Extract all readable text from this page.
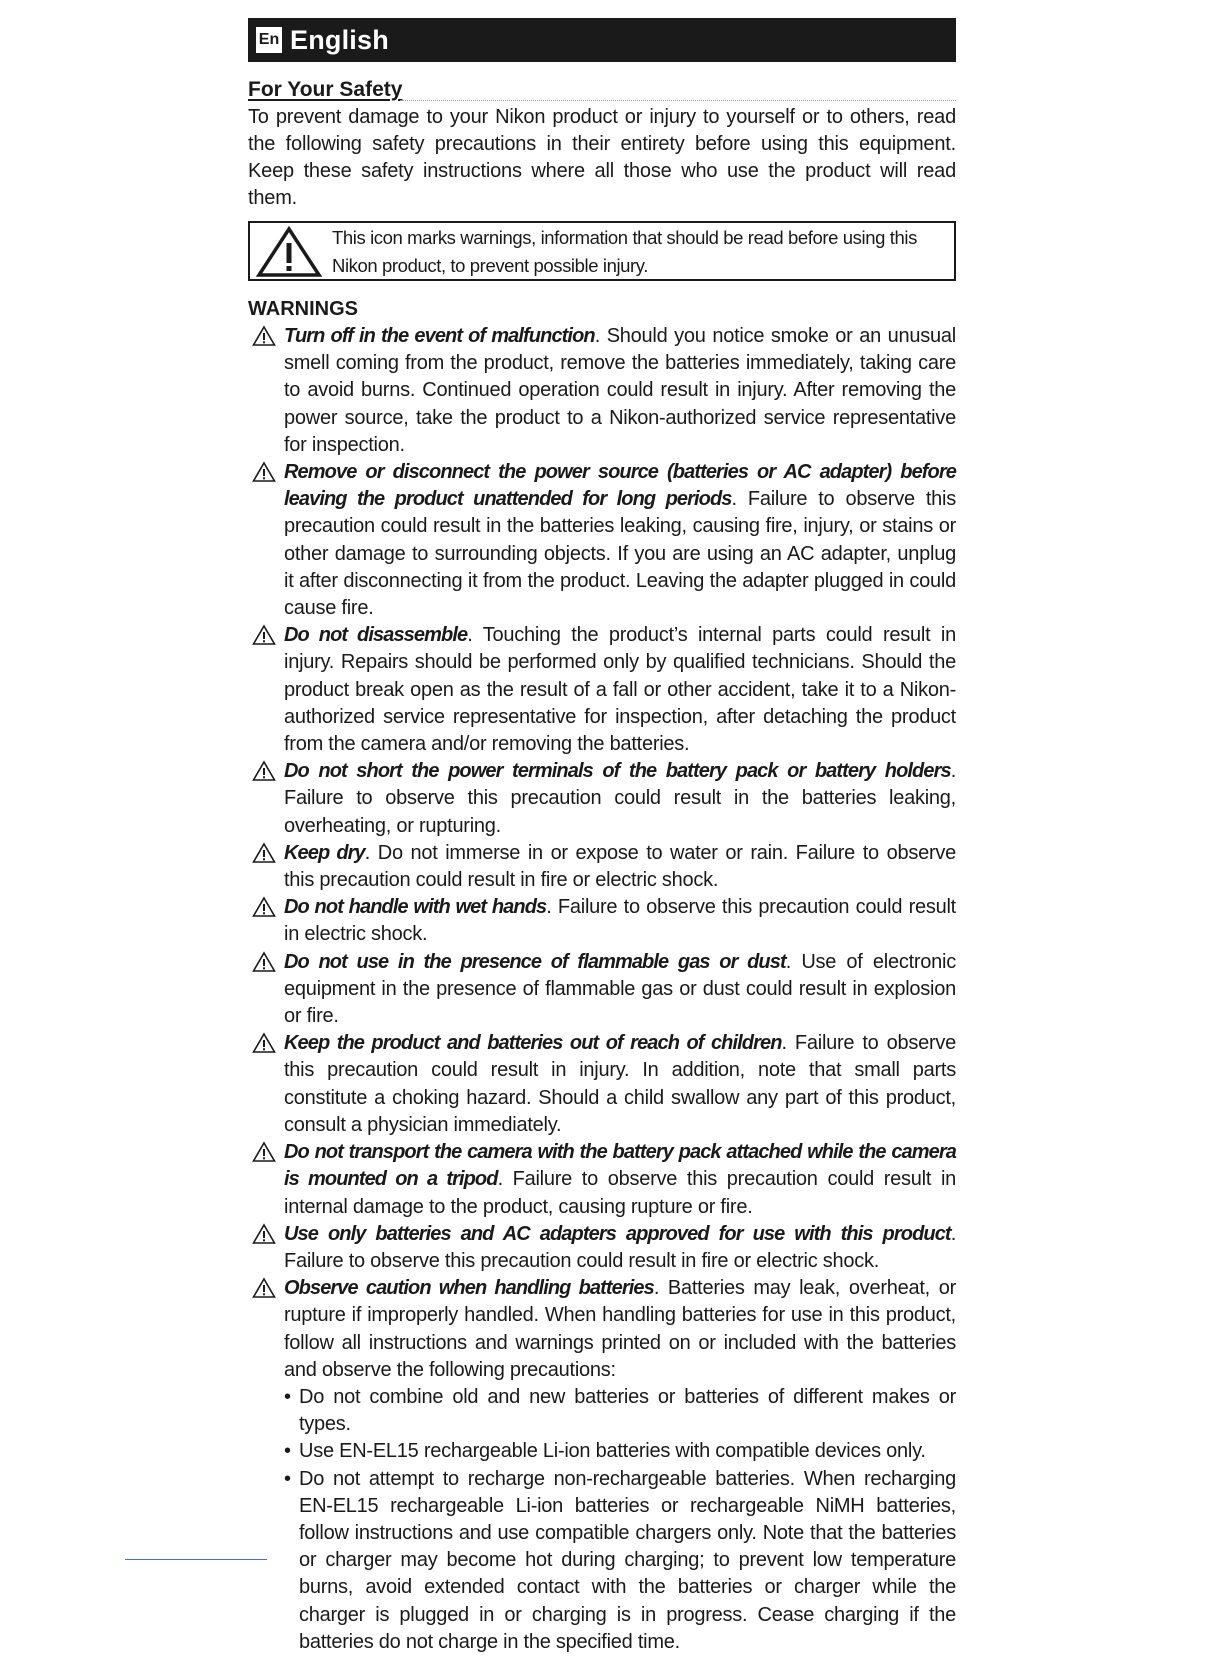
En English
For Your Safety
To prevent damage to your Nikon product or injury to yourself or to others, read the following safety precautions in their entirety before using this equipment. Keep these safety instructions where all those who use the product will read them.
This icon marks warnings, information that should be read before using this Nikon product, to prevent possible injury.
WARNINGS
Turn off in the event of malfunction. Should you notice smoke or an unusual smell coming from the product, remove the batteries immediately, taking care to avoid burns. Continued operation could result in injury. After removing the power source, take the product to a Nikon-authorized service representative for inspection.
Remove or disconnect the power source (batteries or AC adapter) before leaving the product unattended for long periods. Failure to observe this precaution could result in the batteries leaking, causing fire, injury, or stains or other damage to surrounding objects. If you are using an AC adapter, unplug it after disconnecting it from the product. Leaving the adapter plugged in could cause fire.
Do not disassemble. Touching the product’s internal parts could result in injury. Repairs should be performed only by qualified technicians. Should the product break open as the result of a fall or other accident, take it to a Nikon-authorized service representative for inspection, after detaching the product from the camera and/or removing the batteries.
Do not short the power terminals of the battery pack or battery holders. Failure to observe this precaution could result in the batteries leaking, overheating, or rupturing.
Keep dry. Do not immerse in or expose to water or rain. Failure to observe this precaution could result in fire or electric shock.
Do not handle with wet hands. Failure to observe this precaution could result in electric shock.
Do not use in the presence of flammable gas or dust. Use of electronic equipment in the presence of flammable gas or dust could result in explosion or fire.
Keep the product and batteries out of reach of children. Failure to observe this precaution could result in injury. In addition, note that small parts constitute a choking hazard. Should a child swallow any part of this product, consult a physician immediately.
Do not transport the camera with the battery pack attached while the camera is mounted on a tripod. Failure to observe this precaution could result in internal damage to the product, causing rupture or fire.
Use only batteries and AC adapters approved for use with this product. Failure to observe this precaution could result in fire or electric shock.
Observe caution when handling batteries. Batteries may leak, overheat, or rupture if improperly handled. When handling batteries for use in this product, follow all instructions and warnings printed on or included with the batteries and observe the following precautions:
• Do not combine old and new batteries or batteries of different makes or types.
• Use EN-EL15 rechargeable Li-ion batteries with compatible devices only.
• Do not attempt to recharge non-rechargeable batteries. When recharging EN-EL15 rechargeable Li-ion batteries or rechargeable NiMH batteries, follow instructions and use compatible chargers only. Note that the batteries or charger may become hot during charging; to prevent low temperature burns, avoid extended contact with the batteries or charger while the charger is plugged in or charging is in progress. Cease charging if the batteries do not charge in the specified time.
